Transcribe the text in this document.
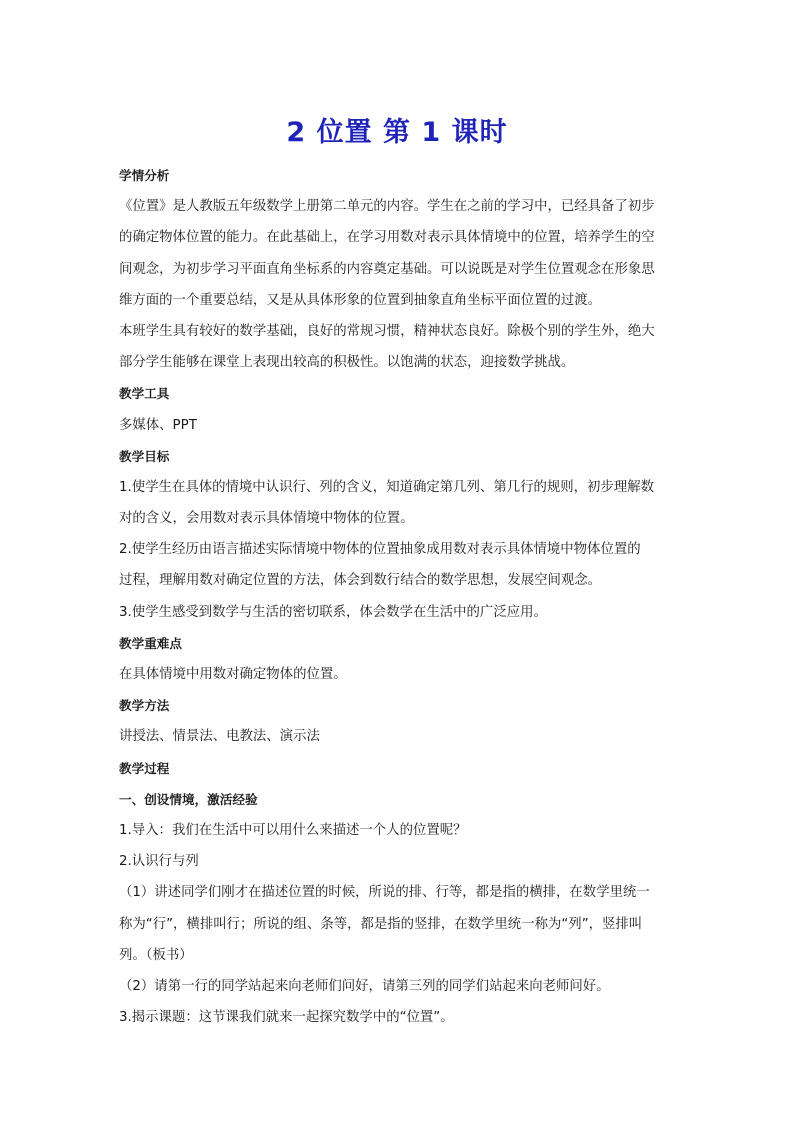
2 位置 第 1 课时
学情分析
《位置》是人教版五年级数学上册第二单元的内容。学生在之前的学习中，已经具备了初步
的确定物体位置的能力。在此基础上，在学习用数对表示具体情境中的位置，培养学生的空
间观念，为初步学习平面直角坐标系的内容奠定基础。可以说既是对学生位置观念在形象思
维方面的一个重要总结，又是从具体形象的位置到抽象直角坐标平面位置的过渡。
本班学生具有较好的数学基础，良好的常规习惯，精神状态良好。除极个别的学生外，绝大
部分学生能够在课堂上表现出较高的积极性。以饱满的状态，迎接数学挑战。
教学工具
多媒体、PPT
教学目标
1.使学生在具体的情境中认识行、列的含义，知道确定第几列、第几行的规则，初步理解数
对的含义，会用数对表示具体情境中物体的位置。
2.使学生经历由语言描述实际情境中物体的位置抽象成用数对表示具体情境中物体位置的
过程，理解用数对确定位置的方法，体会到数行结合的数学思想，发展空间观念。
3.使学生感受到数学与生活的密切联系，体会数学在生活中的广泛应用。
教学重难点
在具体情境中用数对确定物体的位置。
教学方法
讲授法、情景法、电教法、演示法
教学过程
一、创设情境，激活经验
1.导入：我们在生活中可以用什么来描述一个人的位置呢？
2.认识行与列
（1）讲述同学们刚才在描述位置的时候，所说的排、行等，都是指的横排，在数学里统一
称为“行”，横排叫行；所说的组、条等，都是指的竖排，在数学里统一称为“列”，竖排叫
列。（板书）
（2）请第一行的同学站起来向老师们问好，请第三列的同学们站起来向老师问好。
3.揭示课题：这节课我们就来一起探究数学中的“位置”。
